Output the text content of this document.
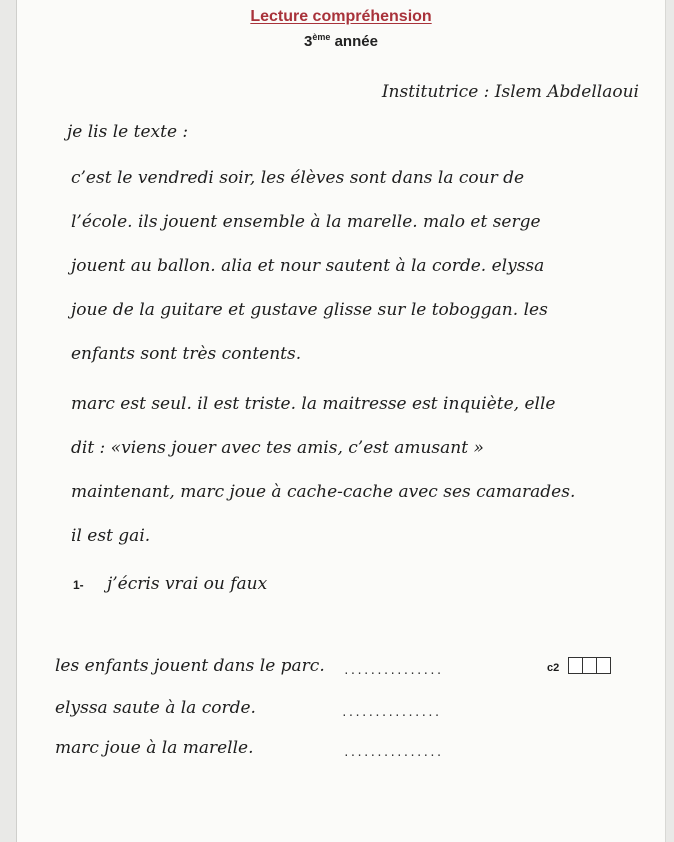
Lecture compréhension
3ème année
Institutrice : Islem Abdellaoui
je lis le texte :
c’est le vendredi soir, les élèves sont dans la cour de
l’école. ils jouent ensemble à la marelle. malo et serge
jouent au ballon. alia et nour sautent à la corde. elyssa
joue de la guitare et gustave glisse sur le toboggan. les
enfants sont très contents.
marc est seul. il est triste. la maitresse est inquiète, elle
dit : «viens jouer avec tes amis, c’est amusant »
maintenant, marc joue à cache-cache avec ses camarades.
il est gai.
1- j’écris vrai ou faux
c2
les enfants jouent dans le parc. ...............
elyssa saute à la corde.	...............
marc joue à la marelle.	...............
